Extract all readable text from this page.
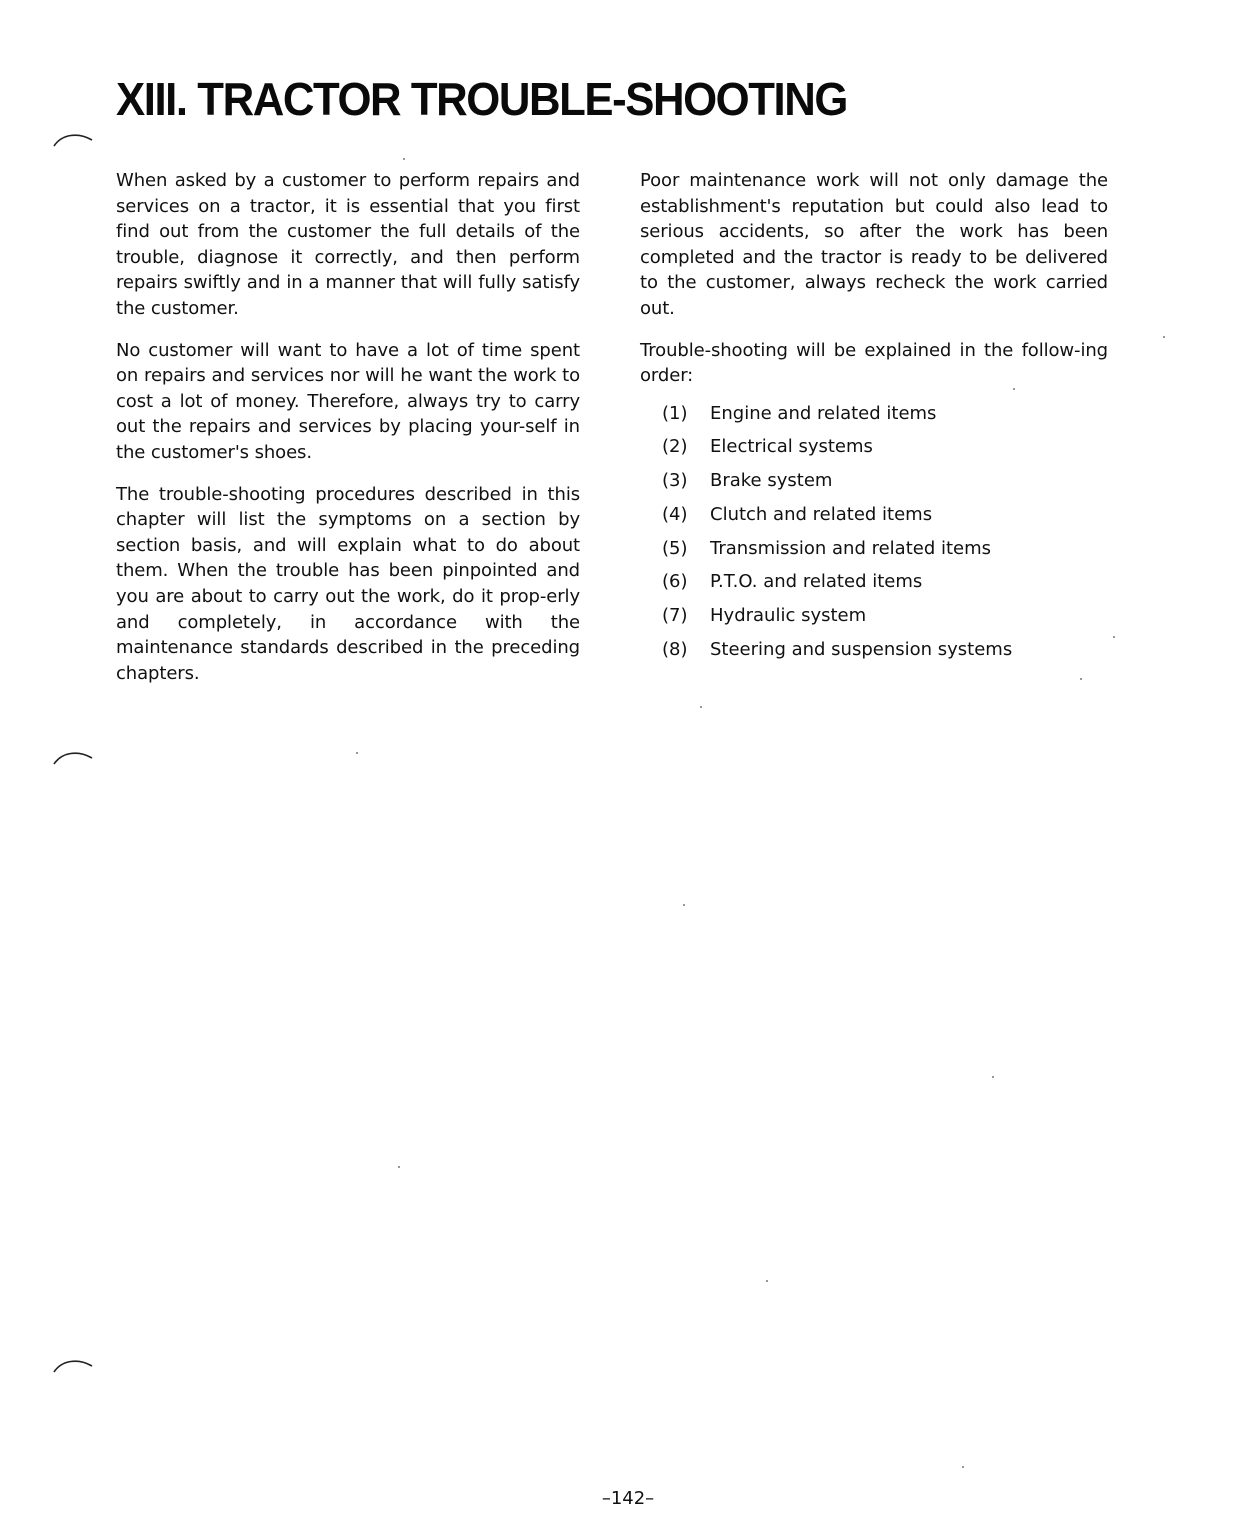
XIII. TRACTOR TROUBLE-SHOOTING

When asked by a customer to perform repairs and services on a tractor, it is essential that you first find out from the customer the full details of the trouble, diagnose it correctly, and then perform repairs swiftly and in a manner that will fully satisfy the customer.

No customer will want to have a lot of time spent on repairs and services nor will he want the work to cost a lot of money. Therefore, always try to carry out the repairs and services by placing your-self in the customer's shoes.

The trouble-shooting procedures described in this chapter will list the symptoms on a section by section basis, and will explain what to do about them. When the trouble has been pinpointed and you are about to carry out the work, do it prop-erly and completely, in accordance with the maintenance standards described in the preceding chapters.

Poor maintenance work will not only damage the establishment's reputation but could also lead to serious accidents, so after the work has been completed and the tractor is ready to be delivered to the customer, always recheck the work carried out.

Trouble-shooting will be explained in the follow-ing order:

(1)	Engine and related items
(2)	Electrical systems
(3)	Brake system
(4)	Clutch and related items
(5)	Transmission and related items
(6)	P.T.O. and related items
(7)	Hydraulic system
(8)	Steering and suspension systems
–142–
